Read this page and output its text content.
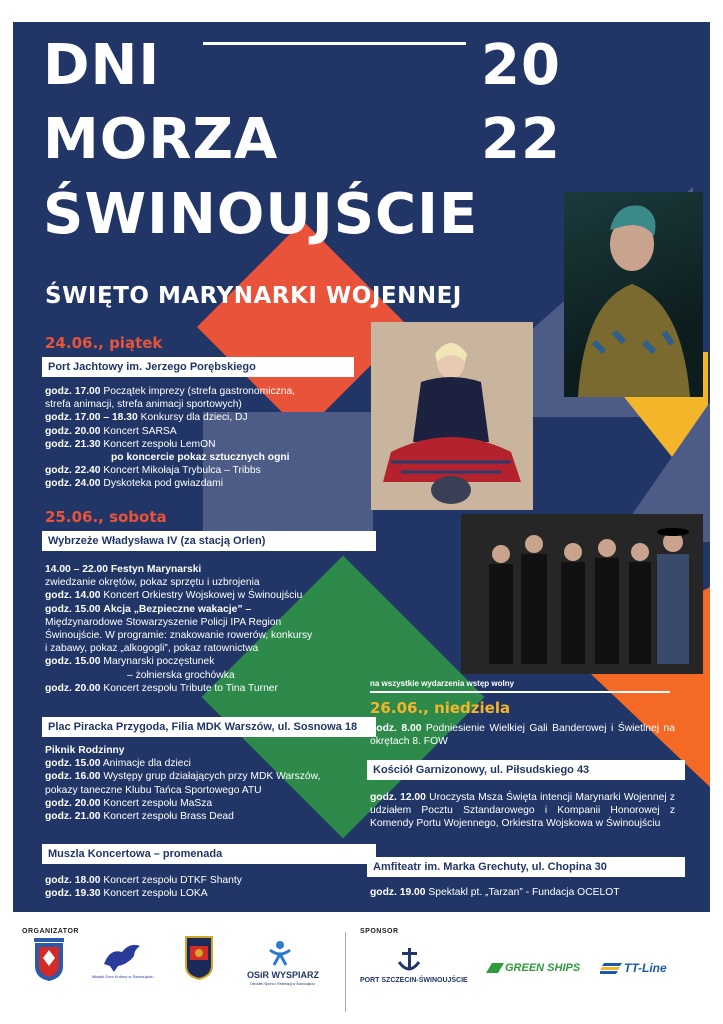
DNI
MORZA
ŚWINOUJŚCIE
20
22
ŚWIĘTO MARYNARKI WOJENNEJ
24.06., piątek
Port Jachtowy im. Jerzego Porębskiego
godz. 17.00 Początek imprezy (strefa gastronomiczna,
strefa animacji, strefa animacji sportowych)
godz. 17.00 – 18.30 Konkursy dla dzieci, DJ
godz. 20.00 Koncert SARSA
godz. 21.30 Koncert zespołu LemON
po koncercie pokaz sztucznych ogni
godz. 22.40 Koncert Mikołaja Trybulca – Tribbs
godz. 24.00 Dyskoteka pod gwiazdami
25.06., sobota
Wybrzeże Władysława IV (za stacją Orlen)
14.00 – 22.00 Festyn Marynarski
zwiedzanie okrętów, pokaz sprzętu i uzbrojenia
godz. 14.00 Koncert Orkiestry Wojskowej w Świnoujściu
godz. 15.00 Akcja „Bezpieczne wakacje” –
Międzynarodowe Stowarzyszenie Policji IPA Region
Świnoujście. W programie: znakowanie rowerów, konkursy
i zabawy, pokaz „alkogogli”, pokaz ratownictwa
godz. 15.00 Marynarski poczęstunek
– żołnierska grochówka
godz. 20.00 Koncert zespołu Tribute to Tina Turner
Plac Piracka Przygoda, Filia MDK Warszów, ul. Sosnowa 18
Piknik Rodzinny
godz. 15.00 Animacje dla dzieci
godz. 16.00 Występy grup działających przy MDK Warszów,
pokazy taneczne Klubu Tańca Sportowego ATU
godz. 20.00 Koncert zespołu MaSza
godz. 21.00 Koncert zespołu Brass Dead
Muszla Koncertowa – promenada
godz. 18.00 Koncert zespołu DTKF Shanty
godz. 19.30 Koncert zespołu LOKA
na wszystkie wydarzenia wstęp wolny
26.06., niedziela
godz. 8.00 Podniesienie Wielkiej Gali Banderowej i Świetlnej na okrętach 8. FOW
Kościół Garnizonowy, ul. Piłsudskiego 43
godz. 12.00 Uroczysta Msza Święta intencji Marynarki Wojennej z udziałem Pocztu Sztandarowego i Kompanii Honorowej z Komendy Portu Wojennego, Orkiestra Wojskowa w Świnoujściu
Amfiteatr im. Marka Grechuty, ul. Chopina 30
godz. 19.00 Spektakl pt. „Tarzan” - Fundacja OCELOT
ORGANIZATOR	SPONSOR
Miejski Dom Kultury w Świnoujściu	OSiR WYSPIARZ
Ośrodek Sportu i Rekreacji w Świnoujściu	PORT SZCZECIN-ŚWINOUJŚCIE
GREEN SHIPS	TT-Line
